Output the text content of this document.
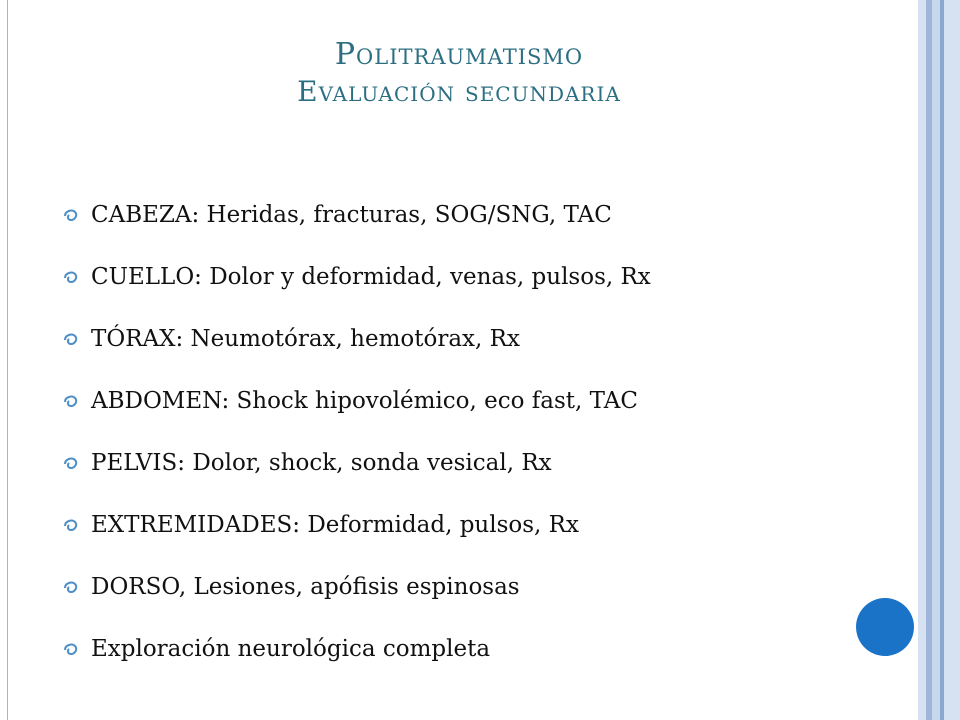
Politraumatismo
Evaluación secundaria
CABEZA: Heridas, fracturas, SOG/SNG, TAC
CUELLO: Dolor y deformidad, venas, pulsos, Rx
TÓRAX: Neumotórax, hemotórax, Rx
ABDOMEN: Shock hipovolémico, eco fast, TAC
PELVIS: Dolor, shock, sonda vesical, Rx
EXTREMIDADES: Deformidad, pulsos, Rx
DORSO, Lesiones, apófisis espinosas
Exploración neurológica completa
